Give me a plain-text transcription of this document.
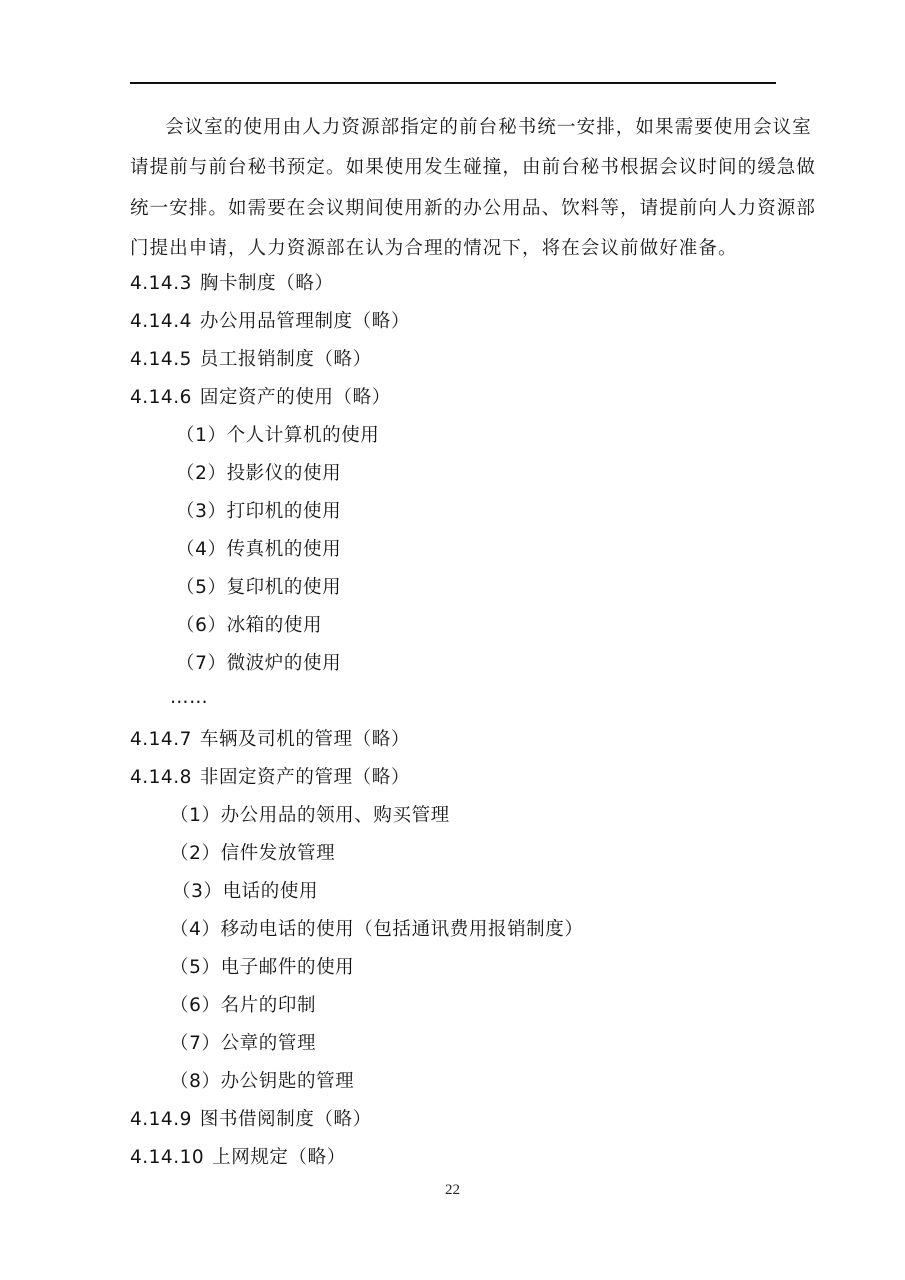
会议室的使用由人力资源部指定的前台秘书统一安排，如果需要使用会议室
请提前与前台秘书预定。如果使用发生碰撞，由前台秘书根据会议时间的缓急做
统一安排。如需要在会议期间使用新的办公用品、饮料等，请提前向人力资源部
门提出申请，人力资源部在认为合理的情况下，将在会议前做好准备。
4.14.3 胸卡制度（略）
4.14.4 办公用品管理制度（略）
4.14.5 员工报销制度（略）
4.14.6 固定资产的使用（略）
（1）个人计算机的使用
（2）投影仪的使用
（3）打印机的使用
（4）传真机的使用
（5）复印机的使用
（6）冰箱的使用
（7）微波炉的使用
……
4.14.7 车辆及司机的管理（略）
4.14.8 非固定资产的管理（略）
（1）办公用品的领用、购买管理
（2）信件发放管理
（3）电话的使用
（4）移动电话的使用（包括通讯费用报销制度）
（5）电子邮件的使用
（6）名片的印制
（7）公章的管理
（8）办公钥匙的管理
4.14.9 图书借阅制度（略）
4.14.10 上网规定（略）
22
